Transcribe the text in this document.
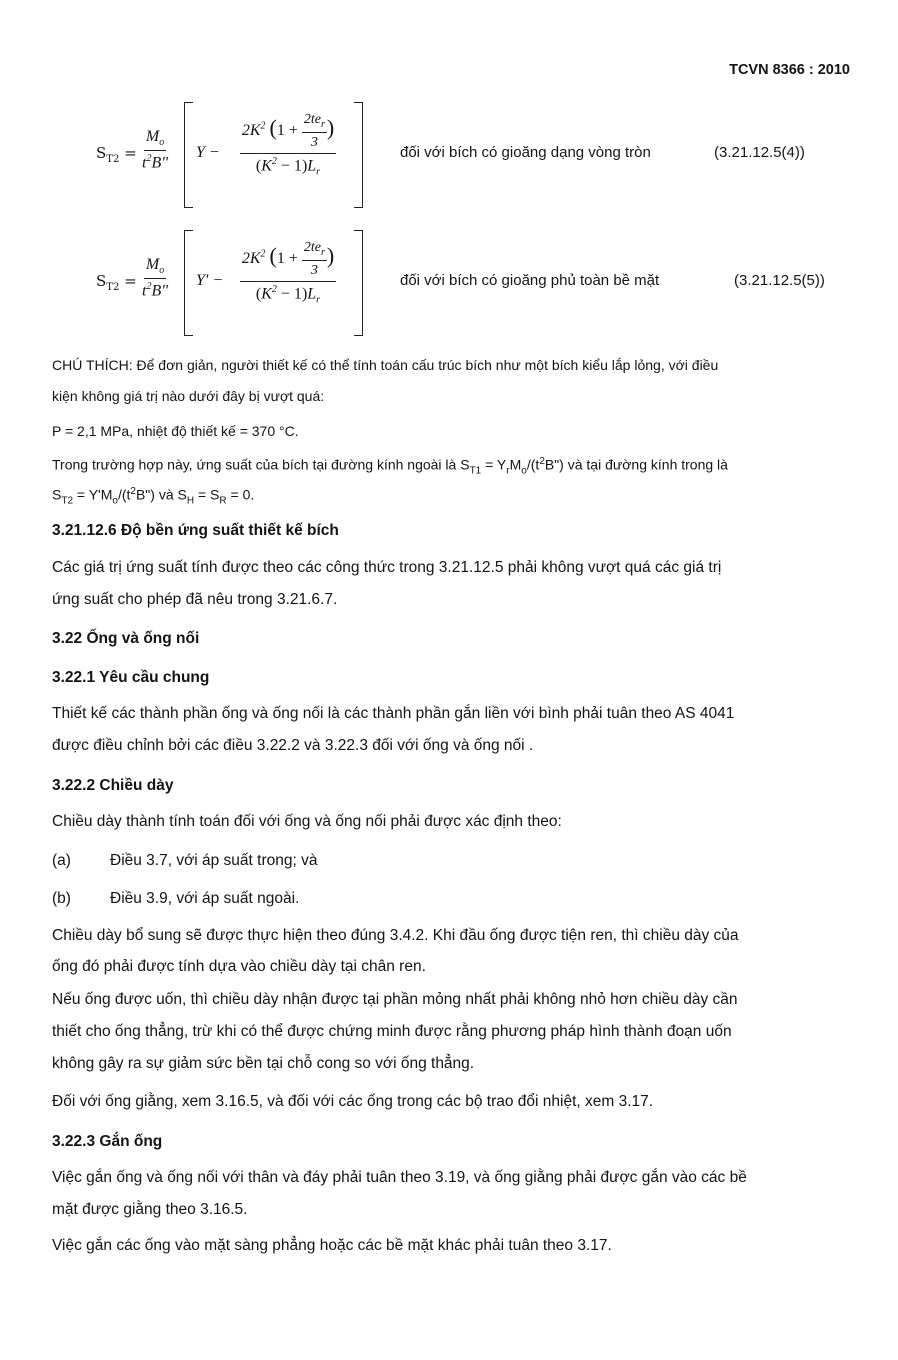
TCVN 8366 : 2010
$S_{T2} = \frac{M_o}{t^2B''}$ Y −
$2K^2$ ($1 + \frac{2te_r}{3}$ )
$(K^2 - 1)L_r$
đối với bích có gioăng dạng vòng tròn	(3.21.12.5(4))
$S_{T2} = \frac{M_o}{t^2B''} Y'$ −
$2K^2$ ($1 + \frac{2te_r}{3}$ )
$(K^2 - 1)L_r$
đối với bích có gioăng phủ toàn bề mặt	(3.21.12.5(5))
CHÚ THÍCH: Để đơn giản, người thiết kế có thể tính toán cấu trúc bích như một bích kiểu lắp lỏng, với điều
kiện không giá trị nào dưới đây bị vượt quá:
P = 2,1 MPa, nhiệt độ thiết kế = 370 °C.
Trong trường hợp này, ứng suất của bích tại đường kính ngoài là $S_{T1}$ = $Y_rM_o/(t^2B")$ và tại đường kính trong là
$S_{T2}$ = $Y'M_o/(t^2B")$ và $S_H = S_R = 0$.
3.21.12.6 Độ bền ứng suất thiết kế bích
Các giá trị ứng suất tính được theo các công thức trong 3.21.12.5 phải không vượt quá các giá trị
ứng suất cho phép đã nêu trong 3.21.6.7.
3.22 Ống và ống nối
3.22.1 Yêu cầu chung
Thiết kế các thành phần ống và ống nối là các thành phần gắn liền với bình phải tuân theo AS 4041
được điều chỉnh bởi các điều 3.22.2 và 3.22.3 đối với ống và ống nối .
3.22.2 Chiều dày
Chiều dày thành tính toán đối với ống và ống nối phải được xác định theo:
(a)	Điều 3.7, với áp suất trong; và
(b)	Điều 3.9, với áp suất ngoài.
Chiều dày bổ sung sẽ được thực hiện theo đúng 3.4.2. Khi đầu ống được tiện ren, thì chiều dày của
ống đó phải được tính dựa vào chiều dày tại chân ren.
Nếu ống được uốn, thì chiều dày nhận được tại phần mỏng nhất phải không nhỏ hơn chiều dày cần
thiết cho ống thẳng, trừ khi có thể được chứng minh được rằng phương pháp hình thành đoạn uốn
không gây ra sự giảm sức bền tại chỗ cong so với ống thẳng.
Đối với ống giằng, xem 3.16.5, và đối với các ống trong các bộ trao đổi nhiệt, xem 3.17.
3.22.3 Gắn ống
Việc gắn ống và ống nối với thân và đáy phải tuân theo 3.19, và ống giằng phải được gắn vào các bề
mặt được giằng theo 3.16.5.
Việc gắn các ống vào mặt sàng phẳng hoặc các bề mặt khác phải tuân theo 3.17.
